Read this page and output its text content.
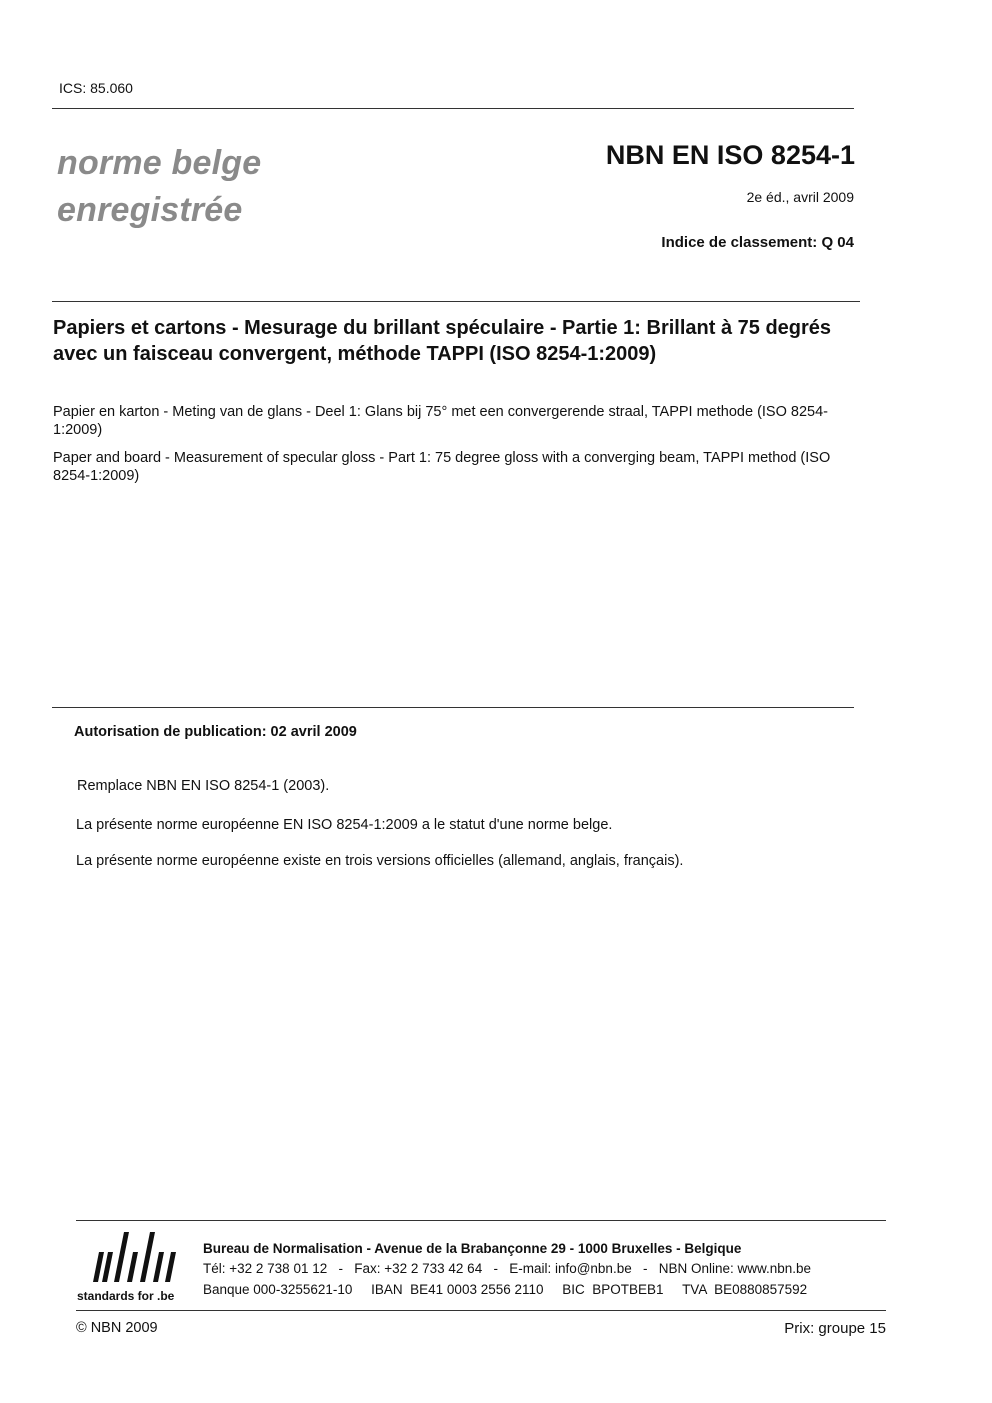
ICS: 85.060
norme belge
enregistrée
NBN EN ISO 8254-1
2e éd., avril 2009
Indice de classement: Q 04
Papiers et cartons - Mesurage du brillant spéculaire - Partie 1: Brillant à 75 degrés avec un faisceau convergent, méthode TAPPI (ISO 8254-1:2009)
Papier en karton - Meting van de glans - Deel 1: Glans bij 75° met een convergerende straal, TAPPI methode (ISO 8254-1:2009)
Paper and board - Measurement of specular gloss - Part 1: 75 degree gloss with a converging beam, TAPPI method (ISO 8254-1:2009)
Autorisation de publication: 02 avril 2009
Remplace NBN EN ISO 8254-1 (2003).
La présente norme européenne EN ISO 8254-1:2009 a le statut d'une norme belge.
La présente norme européenne existe en trois versions officielles (allemand, anglais, français).
standards for .be
Bureau de Normalisation - Avenue de la Brabançonne 29 - 1000 Bruxelles - Belgique
Tél: +32 2 738 01 12   -   Fax: +32 2 733 42 64   -   E-mail: info@nbn.be   -   NBN Online: www.nbn.be
Banque 000-3255621-10     IBAN  BE41 0003 2556 2110     BIC  BPOTBEB1     TVA  BE0880857592
© NBN 2009	Prix: groupe 15
